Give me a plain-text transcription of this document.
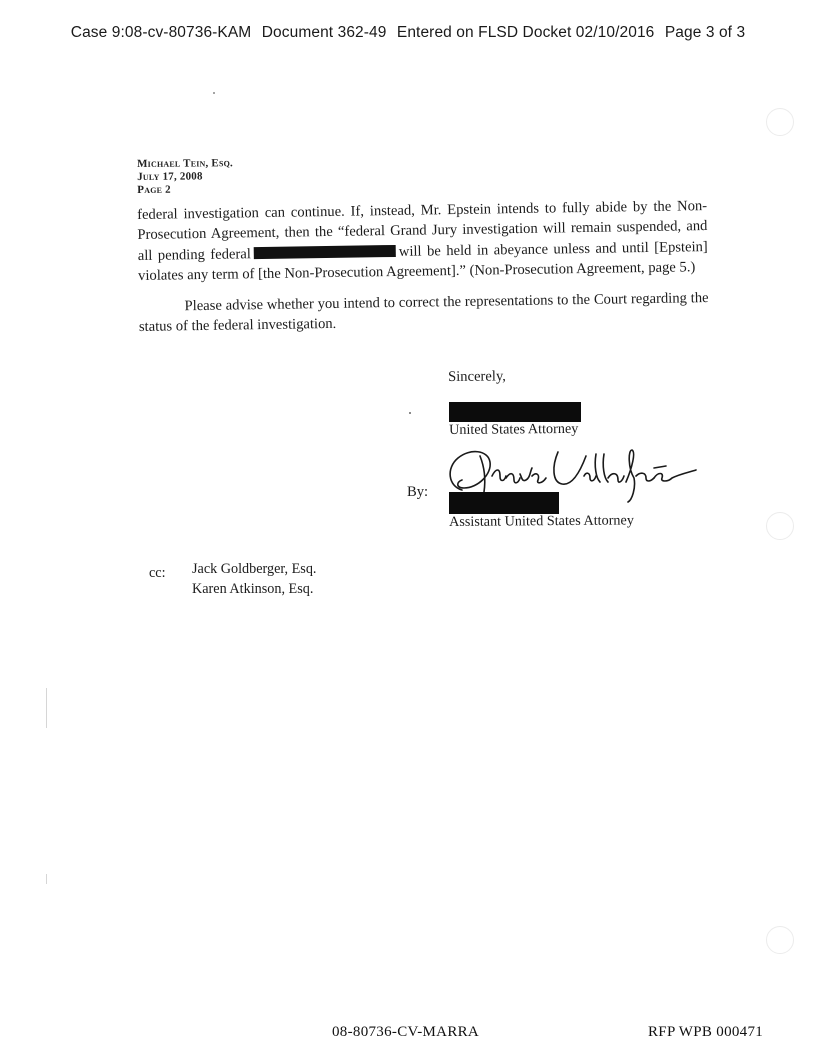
Case 9:08-cv-80736-KAM Document 362-49 Entered on FLSD Docket 02/10/2016 Page 3 of 3
Michael Tein, Esq.
July 17, 2008
Page 2

federal investigation can continue. If, instead, Mr. Epstein intends to fully abide by the Non-Prosecution Agreement, then the “federal Grand Jury investigation will remain suspended, and all pending federal	will be held in abeyance unless and until [Epstein] violates any term of [the Non-Prosecution Agreement].” (Non-Prosecution Agreement, page 5.)

Please advise whether you intend to correct the representations to the Court regarding the status of the federal investigation.

Sincerely,
United States Attorney
By:
Assistant United States Attorney
cc: Jack Goldberger, Esq.
Karen Atkinson, Esq.
08-80736-CV-MARRA	RFP WPB 000471
